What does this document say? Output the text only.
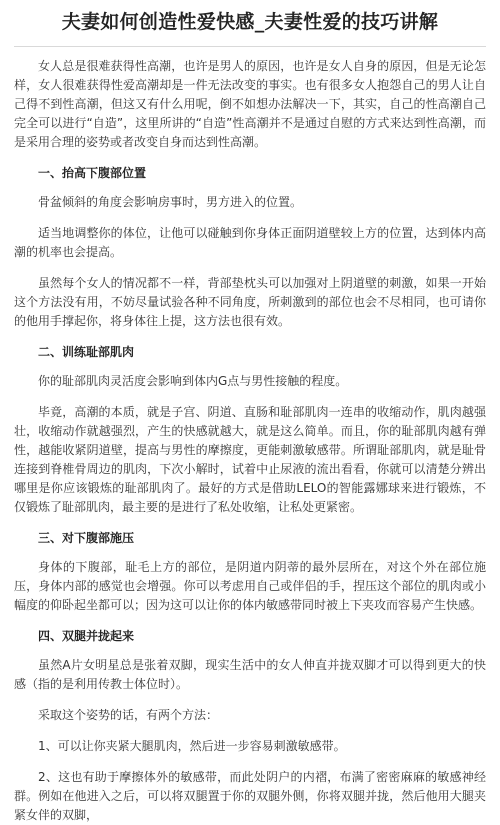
夫妻如何创造性爱快感_夫妻性爱的技巧讲解

女人总是很难获得性高潮，也许是男人的原因，也许是女人自身的原因，但是无论怎样，女人很难获得性爱高潮却是一件无法改变的事实。也有很多女人抱怨自己的男人让自己得不到性高潮，但这又有什么用呢，倒不如想办法解决一下，其实，自己的性高潮自己完全可以进行“自造”，这里所讲的“自造”性高潮并不是通过自慰的方式来达到性高潮，而是采用合理的姿势或者改变自身而达到性高潮。

一、抬高下腹部位置

骨盆倾斜的角度会影响房事时，男方进入的位置。

适当地调整你的体位，让他可以碰触到你身体正面阴道壁较上方的位置，达到体内高潮的机率也会提高。

虽然每个女人的情况都不一样，背部垫枕头可以加强对上阴道壁的刺激，如果一开始这个方法没有用，不妨尽量试验各种不同角度，所刺激到的部位也会不尽相同，也可请你的他用手撑起你，将身体往上提，这方法也很有效。

二、训练耻部肌肉

你的耻部肌肉灵活度会影响到体内G点与男性接触的程度。

毕竟，高潮的本质，就是子宫、阴道、直肠和耻部肌肉一连串的收缩动作，肌肉越强壮，收缩动作就越强烈，产生的快感就越大，就是这么简单。而且，你的耻部肌肉越有弹性，越能收紧阴道壁，提高与男性的摩擦度，更能刺激敏感带。所谓耻部肌肉，就是耻骨连接到脊椎骨周边的肌肉，下次小解时，试着中止尿液的流出看看，你就可以清楚分辨出哪里是你应该锻炼的耻部肌肉了。最好的方式是借助LELO的智能露娜球来进行锻炼，不仅锻炼了耻部肌肉，最主要的是进行了私处收缩，让私处更紧密。

三、对下腹部施压

身体的下腹部，耻毛上方的部位，是阴道内阴蒂的最外层所在，对这个外在部位施压，身体内部的感觉也会增强。你可以考虑用自己或伴侣的手，捏压这个部位的肌肉或小幅度的仰卧起坐都可以；因为这可以让你的体内敏感带同时被上下夹攻而容易产生快感。

四、双腿并拢起来

虽然A片女明星总是张着双脚，现实生活中的女人伸直并拢双脚才可以得到更大的快感（指的是利用传教士体位时）。

采取这个姿势的话，有两个方法：

1、可以让你夹紧大腿肌肉，然后进一步容易刺激敏感带。

2、这也有助于摩擦体外的敏感带，而此处阴户的内褶，布满了密密麻麻的敏感神经群。例如在他进入之后，可以将双腿置于你的双腿外侧，你将双腿并拢，然后他用大腿夹紧女伴的双脚，
